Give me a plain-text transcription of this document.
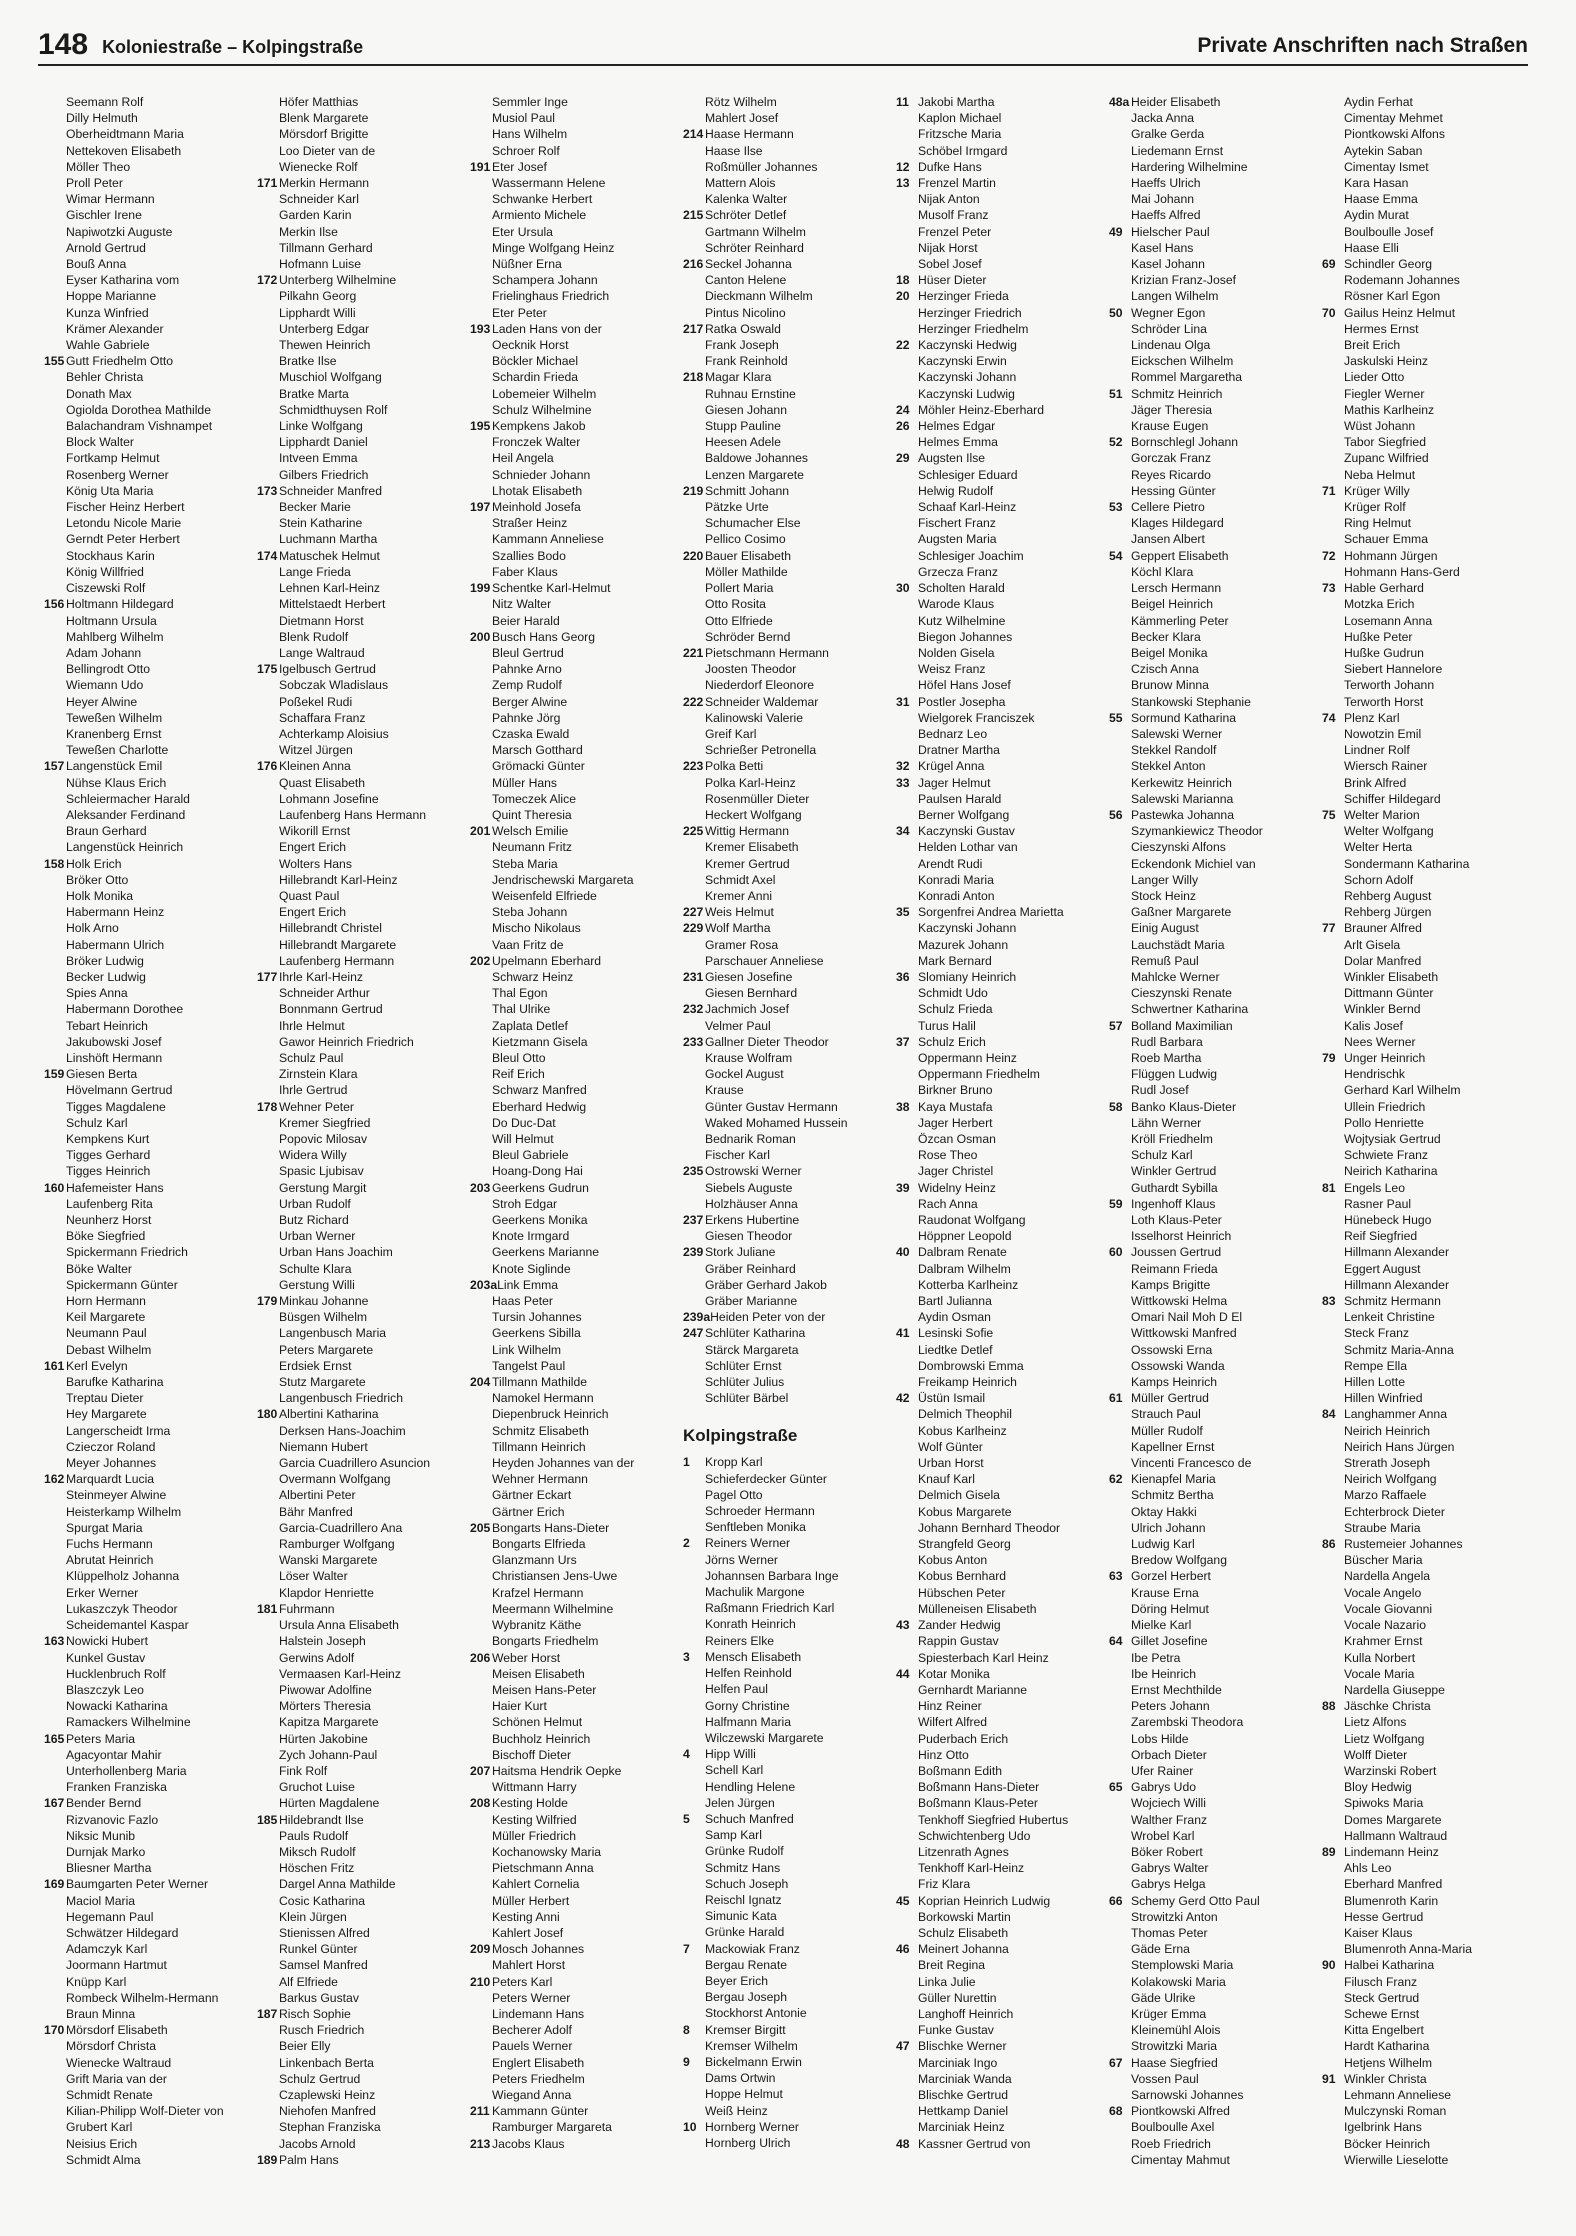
148 Koloniestraße – Kolpingstraße	Private Anschriften nach Straßen
Seemann Rolf
Dilly Helmuth
Oberheidtmann Maria
Nettekoven Elisabeth
Möller Theo
Proll Peter
Wimar Hermann
Gischler Irene
Napiwotzki Auguste
Arnold Gertrud
Bouß Anna
Eyser Katharina vom
Hoppe Marianne
Kunza Winfried
Krämer Alexander
Wahle Gabriele
155 Gutt Friedhelm Otto
Behler Christa
Donath Max
Ogiolda Dorothea Mathilde
Balachandram Vishnampet
Block Walter
Fortkamp Helmut
Rosenberg Werner
König Uta Maria
Fischer Heinz Herbert
Letondu Nicole Marie
Gerndt Peter Herbert
Stockhaus Karin
König Willfried
Ciszewski Rolf
156 Holtmann Hildegard
Holtmann Ursula
Mahlberg Wilhelm
Adam Johann
Bellingrodt Otto
Wiemann Udo
Heyer Alwine
Teweßen Wilhelm
Kranenberg Ernst
Teweßen Charlotte
157 Langenstück Emil
Nühse Klaus Erich
Schleiermacher Harald
Aleksander Ferdinand
Braun Gerhard
Langenstück Heinrich
158 Holk Erich
Bröker Otto
Holk Monika
Habermann Heinz
Holk Arno
Habermann Ulrich
Bröker Ludwig
Becker Ludwig
Spies Anna
Habermann Dorothee
Tebart Heinrich
Jakubowski Josef
Linshöft Hermann
159 Giesen Berta
Hövelmann Gertrud
Tigges Magdalene
Schulz Karl
Kempkens Kurt
Tigges Gerhard
Tigges Heinrich
160 Hafemeister Hans
Laufenberg Rita
Neunherz Horst
Böke Siegfried
Spickermann Friedrich
Böke Walter
Spickermann Günter
Horn Hermann
Keil Margarete
Neumann Paul
Debast Wilhelm
161 Kerl Evelyn
Barufke Katharina
Treptau Dieter
Hey Margarete
Langerscheidt Irma
Czieczor Roland
Meyer Johannes
162 Marquardt Lucia
Steinmeyer Alwine
Heisterkamp Wilhelm
Spurgat Maria
Fuchs Hermann
Abrutat Heinrich
Klüppelholz Johanna
Erker Werner
Lukaszczyk Theodor
Scheidemantel Kaspar
163 Nowicki Hubert
Kunkel Gustav
Hucklenbruch Rolf
Blaszczyk Leo
Nowacki Katharina
Ramackers Wilhelmine
165 Peters Maria
Agacyontar Mahir
Unterhollenberg Maria
Franken Franziska
167 Bender Bernd
Rizvanovic Fazlo
Niksic Munib
Durnjak Marko
Bliesner Martha
169 Baumgarten Peter Werner
Maciol Maria
Hegemann Paul
Schwätzer Hildegard
Adamczyk Karl
Joormann Hartmut
Knüpp Karl
Rombeck Wilhelm-Hermann
Braun Minna
170 Mörsdorf Elisabeth
Mörsdorf Christa
Wienecke Waltraud
Grift Maria van der
Schmidt Renate
Kilian-Philipp Wolf-Dieter von
Grubert Karl
Neisius Erich
Schmidt Alma
Höfer Matthias
Blenk Margarete
Mörsdorf Brigitte
Loo Dieter van de
Wienecke Rolf
171 Merkin Hermann
Schneider Karl
Garden Karin
Merkin Ilse
Tillmann Gerhard
Hofmann Luise
172 Unterberg Wilhelmine
Pilkahn Georg
Lipphardt Willi
Unterberg Edgar
Thewen Heinrich
Bratke Ilse
Muschiol Wolfgang
Bratke Marta
Schmidthuysen Rolf
Linke Wolfgang
Lipphardt Daniel
Intveen Emma
Gilbers Friedrich
173 Schneider Manfred
Becker Marie
Stein Katharine
Luchmann Martha
174 Matuschek Helmut
Lange Frieda
Lehnen Karl-Heinz
Mittelstaedt Herbert
Dietmann Horst
Blenk Rudolf
Lange Waltraud
175 Igelbusch Gertrud
Sobczak Wladislaus
Poßekel Rudi
Schaffara Franz
Achterkamp Aloisius
Witzel Jürgen
176 Kleinen Anna
Quast Elisabeth
Lohmann Josefine
Laufenberg Hans Hermann
Wikorill Ernst
Engert Erich
Wolters Hans
Hillebrandt Karl-Heinz
Quast Paul
Engert Erich
Hillebrandt Christel
Hillebrandt Margarete
Laufenberg Hermann
177 Ihrle Karl-Heinz
Schneider Arthur
Bonnmann Gertrud
Ihrle Helmut
Gawor Heinrich Friedrich
Schulz Paul
Zirnstein Klara
Ihrle Gertrud
178 Wehner Peter
Kremer Siegfried
Popovic Milosav
Widera Willy
Spasic Ljubisav
Gerstung Margit
Urban Rudolf
Butz Richard
Urban Werner
Urban Hans Joachim
Schulte Klara
Gerstung Willi
179 Minkau Johanne
Büsgen Wilhelm
Langenbusch Maria
Peters Margarete
Erdsiek Ernst
Stutz Margarete
Langenbusch Friedrich
180 Albertini Katharina
Derksen Hans-Joachim
Niemann Hubert
Garcia Cuadrillero Asuncion
Overmann Wolfgang
Albertini Peter
Bähr Manfred
Garcia-Cuadrillero Ana
Ramburger Wolfgang
Wanski Margarete
Löser Walter
Klapdor Henriette
181 Fuhrmann
Ursula Anna Elisabeth
Halstein Joseph
Gerwins Adolf
Vermaasen Karl-Heinz
Piwowar Adolfine
Mörters Theresia
Kapitza Margarete
Hürten Jakobine
Zych Johann-Paul
Fink Rolf
Gruchot Luise
Hürten Magdalene
185 Hildebrandt Ilse
Pauls Rudolf
Miksch Rudolf
Höschen Fritz
Dargel Anna Mathilde
Cosic Katharina
Klein Jürgen
Stienissen Alfred
Runkel Günter
Samsel Manfred
Alf Elfriede
Barkus Gustav
187 Risch Sophie
Rusch Friedrich
Beier Elly
Linkenbach Berta
Schulz Gertrud
Czaplewski Heinz
Niehofen Manfred
Stephan Franziska
Jacobs Arnold
189 Palm Hans
Semmler Inge
Musiol Paul
Hans Wilhelm
Schroer Rolf
191 Eter Josef
Wassermann Helene
Schwanke Herbert
Armiento Michele
Eter Ursula
Minge Wolfgang Heinz
Nüßner Erna
Schampera Johann
Frielinghaus Friedrich
Eter Peter
193 Laden Hans von der
Oecknik Horst
Böckler Michael
Schardin Frieda
Lobemeier Wilhelm
Schulz Wilhelmine
195 Kempkens Jakob
Fronczek Walter
Heil Angela
Schnieder Johann
Lhotak Elisabeth
197 Meinhold Josefa
Straßer Heinz
Kammann Anneliese
Szallies Bodo
Faber Klaus
199 Schentke Karl-Helmut
Nitz Walter
Beier Harald
200 Busch Hans Georg
Bleul Gertrud
Pahnke Arno
Zemp Rudolf
Berger Alwine
Pahnke Jörg
Czaska Ewald
Marsch Gotthard
Grömacki Günter
Müller Hans
Tomeczek Alice
Quint Theresia
201 Welsch Emilie
Neumann Fritz
Steba Maria
Jendrischewski Margareta
Weisenfeld Elfriede
Steba Johann
Mischo Nikolaus
Vaan Fritz de
202 Upelmann Eberhard
Schwarz Heinz
Thal Egon
Thal Ulrike
Zaplata Detlef
Kietzmann Gisela
Bleul Otto
Reif Erich
Schwarz Manfred
Eberhard Hedwig
Do Duc-Dat
Will Helmut
Bleul Gabriele
Hoang-Dong Hai
203 Geerkens Gudrun
Stroh Edgar
Geerkens Monika
Knote Irmgard
Geerkens Marianne
Knote Siglinde
203aLink Emma
Haas Peter
Tursin Johannes
Geerkens Sibilla
Link Wilhelm
Tangelst Paul
204 Tillmann Mathilde
Namokel Hermann
Diepenbruck Heinrich
Schmitz Elisabeth
Tillmann Heinrich
Heyden Johannes van der
Wehner Hermann
Gärtner Eckart
Gärtner Erich
205 Bongarts Hans-Dieter
Bongarts Elfrieda
Glanzmann Urs
Christiansen Jens-Uwe
Krafzel Hermann
Meermann Wilhelmine
Wybranitz Käthe
Bongarts Friedhelm
206 Weber Horst
Meisen Elisabeth
Meisen Hans-Peter
Haier Kurt
Schönen Helmut
Buchholz Heinrich
Bischoff Dieter
207 Haitsma Hendrik Oepke
Wittmann Harry
208 Kesting Holde
Kesting Wilfried
Müller Friedrich
Kochanowsky Maria
Pietschmann Anna
Kahlert Cornelia
Müller Herbert
Kesting Anni
Kahlert Josef
209 Mosch Johannes
Mahlert Horst
210 Peters Karl
Peters Werner
Lindemann Hans
Becherer Adolf
Pauels Werner
Englert Elisabeth
Peters Friedhelm
Wiegand Anna
211 Kammann Günter
Ramburger Margareta
213 Jacobs Klaus
Rötz Wilhelm
Mahlert Josef
214 Haase Hermann
Haase Ilse
Roßmüller Johannes
Mattern Alois
Kalenka Walter
215 Schröter Detlef
Gartmann Wilhelm
Schröter Reinhard
216 Seckel Johanna
Canton Helene
Dieckmann Wilhelm
Pintus Nicolino
217 Ratka Oswald
Frank Joseph
Frank Reinhold
218 Magar Klara
Ruhnau Ernstine
Giesen Johann
Stupp Pauline
Heesen Adele
Baldowe Johannes
Lenzen Margarete
219 Schmitt Johann
Pätzke Urte
Schumacher Else
Pellico Cosimo
220 Bauer Elisabeth
Möller Mathilde
Pollert Maria
Otto Rosita
Otto Elfriede
Schröder Bernd
221 Pietschmann Hermann
Joosten Theodor
Niederdorf Eleonore
222 Schneider Waldemar
Kalinowski Valerie
Greif Karl
Schrießer Petronella
223 Polka Betti
Polka Karl-Heinz
Rosenmüller Dieter
Heckert Wolfgang
225 Wittig Hermann
Kremer Elisabeth
Kremer Gertrud
Schmidt Axel
Kremer Anni
227 Weis Helmut
229 Wolf Martha
Gramer Rosa
Parschauer Anneliese
231 Giesen Josefine
Giesen Bernhard
232 Jachmich Josef
Velmer Paul
233 Gallner Dieter Theodor
Krause Wolfram
Gockel August
Krause
Günter Gustav Hermann
Waked Mohamed Hussein
Bednarik Roman
Fischer Karl
235 Ostrowski Werner
Siebels Auguste
Holzhäuser Anna
237 Erkens Hubertine
Giesen Theodor
239 Stork Juliane
Gräber Reinhard
Gräber Gerhard Jakob
Gräber Marianne
239aHeiden Peter von der
247 Schlüter Katharina
Stärck Margareta
Schlüter Ernst
Schlüter Julius
Schlüter Bärbel
Kolpingstraße
1 Kropp Karl
Schieferdecker Günter
Pagel Otto
Schroeder Hermann
Senftleben Monika
2 Reiners Werner
Jörns Werner
Johannsen Barbara Inge
Machulik Margone
Raßmann Friedrich Karl
Konrath Heinrich
Reiners Elke
3 Mensch Elisabeth
Helfen Reinhold
Helfen Paul
Gorny Christine
Halfmann Maria
Wilczewski Margarete
4 Hipp Willi
Schell Karl
Hendling Helene
Jelen Jürgen
5 Schuch Manfred
Samp Karl
Grünke Rudolf
Schmitz Hans
Schuch Joseph
Reischl Ignatz
Simunic Kata
Grünke Harald
7 Mackowiak Franz
Bergau Renate
Beyer Erich
Bergau Joseph
Stockhorst Antonie
8 Kremser Birgitt
Kremser Wilhelm
9 Bickelmann Erwin
Dams Ortwin
Hoppe Helmut
Weiß Heinz
10 Hornberg Werner
Hornberg Ulrich
11 Jakobi Martha
Kaplon Michael
Fritzsche Maria
Schöbel Irmgard
12 Dufke Hans
13 Frenzel Martin
Nijak Anton
Musolf Franz
Frenzel Peter
Nijak Horst
Sobel Josef
18 Hüser Dieter
20 Herzinger Frieda
Herzinger Friedrich
Herzinger Friedhelm
22 Kaczynski Hedwig
Kaczynski Erwin
Kaczynski Johann
Kaczynski Ludwig
24 Möhler Heinz-Eberhard
26 Helmes Edgar
Helmes Emma
29 Augsten Ilse
Schlesiger Eduard
Helwig Rudolf
Schaaf Karl-Heinz
Fischert Franz
Augsten Maria
Schlesiger Joachim
Grzecza Franz
30 Scholten Harald
Warode Klaus
Kutz Wilhelmine
Biegon Johannes
Nolden Gisela
Weisz Franz
Höfel Hans Josef
31 Postler Josepha
Wielgorek Franciszek
Bednarz Leo
Dratner Martha
32 Krügel Anna
33 Jager Helmut
Paulsen Harald
Berner Wolfgang
34 Kaczynski Gustav
Helden Lothar van
Arendt Rudi
Konradi Maria
Konradi Anton
35 Sorgenfrei Andrea Marietta
Kaczynski Johann
Mazurek Johann
Mark Bernard
36 Slomiany Heinrich
Schmidt Udo
Schulz Frieda
Turus Halil
37 Schulz Erich
Oppermann Heinz
Oppermann Friedhelm
Birkner Bruno
38 Kaya Mustafa
Jager Herbert
Özcan Osman
Rose Theo
Jager Christel
39 Widelny Heinz
Rach Anna
Raudonat Wolfgang
Höppner Leopold
40 Dalbram Renate
Dalbram Wilhelm
Kotterba Karlheinz
Bartl Julianna
Aydin Osman
41 Lesinski Sofie
Liedtke Detlef
Dombrowski Emma
Freikamp Heinrich
42 Üstün Ismail
Delmich Theophil
Kobus Karlheinz
Wolf Günter
Urban Horst
Knauf Karl
Delmich Gisela
Kobus Margarete
Johann Bernhard Theodor
Strangfeld Georg
Kobus Anton
Kobus Bernhard
Hübschen Peter
Mülleneisen Elisabeth
43 Zander Hedwig
Rappin Gustav
Spiesterbach Karl Heinz
44 Kotar Monika
Gernhardt Marianne
Hinz Reiner
Wilfert Alfred
Puderbach Erich
Hinz Otto
Boßmann Edith
Boßmann Hans-Dieter
Boßmann Klaus-Peter
Tenkhoff Siegfried Hubertus
Schwichtenberg Udo
Litzenrath Agnes
Tenkhoff Karl-Heinz
Friz Klara
45 Koprian Heinrich Ludwig
Borkowski Martin
Schulz Elisabeth
46 Meinert Johanna
Breit Regina
Linka Julie
Güller Nurettin
Langhoff Heinrich
Funke Gustav
47 Blischke Werner
Marciniak Ingo
Marciniak Wanda
Blischke Gertrud
Hettkamp Daniel
Marciniak Heinz
48 Kassner Gertrud von
48a Heider Elisabeth
Jacka Anna
Gralke Gerda
Liedemann Ernst
Hardering Wilhelmine
Haeffs Ulrich
Mai Johann
Haeffs Alfred
49 Hielscher Paul
Kasel Hans
Kasel Johann
Krizian Franz-Josef
Langen Wilhelm
50 Wegner Egon
Schröder Lina
Lindenau Olga
Eickschen Wilhelm
Rommel Margaretha
51 Schmitz Heinrich
Jäger Theresia
Krause Eugen
52 Bornschlegl Johann
Gorczak Franz
Reyes Ricardo
Hessing Günter
53 Cellere Pietro
Klages Hildegard
Jansen Albert
54 Geppert Elisabeth
Köchl Klara
Lersch Hermann
Beigel Heinrich
Kämmerling Peter
Becker Klara
Beigel Monika
Czisch Anna
Brunow Minna
Stankowski Stephanie
55 Sormund Katharina
Salewski Werner
Stekkel Randolf
Stekkel Anton
Kerkewitz Heinrich
Salewski Marianna
56 Pastewka Johanna
Szymankiewicz Theodor
Cieszynski Alfons
Eckendonk Michiel van
Langer Willy
Stock Heinz
Gaßner Margarete
Einig August
Lauchstädt Maria
Remuß Paul
Mahlcke Werner
Cieszynski Renate
Schwertner Katharina
57 Bolland Maximilian
Rudl Barbara
Roeb Martha
Flüggen Ludwig
Rudl Josef
58 Banko Klaus-Dieter
Lähn Werner
Kröll Friedhelm
Schulz Karl
Winkler Gertrud
Guthardt Sybilla
59 Ingenhoff Klaus
Loth Klaus-Peter
Isselhorst Heinrich
60 Joussen Gertrud
Reimann Frieda
Kamps Brigitte
Wittkowski Helma
Omari Nail Moh D El
Wittkowski Manfred
Ossowski Erna
Ossowski Wanda
Kamps Heinrich
61 Müller Gertrud
Strauch Paul
Müller Rudolf
Kapellner Ernst
Vincenti Francesco de
62 Kienapfel Maria
Schmitz Bertha
Oktay Hakki
Ulrich Johann
Ludwig Karl
Bredow Wolfgang
63 Gorzel Herbert
Krause Erna
Döring Helmut
Mielke Karl
64 Gillet Josefine
Ibe Petra
Ibe Heinrich
Ernst Mechthilde
Peters Johann
Zarembski Theodora
Lobs Hilde
Orbach Dieter
Ufer Rainer
65 Gabrys Udo
Wojciech Willi
Walther Franz
Wrobel Karl
Böker Robert
Gabrys Walter
Gabrys Helga
66 Schemy Gerd Otto Paul
Strowitzki Anton
Thomas Peter
Gäde Erna
Stemplowski Maria
Kolakowski Maria
Gäde Ulrike
Krüger Emma
Kleinemühl Alois
Strowitzki Maria
67 Haase Siegfried
Vossen Paul
Sarnowski Johannes
68 Piontkowski Alfred
Boulboulle Axel
Roeb Friedrich
Cimentay Mahmut
Aydin Ferhat
Cimentay Mehmet
Piontkowski Alfons
Aytekin Saban
Cimentay Ismet
Kara Hasan
Haase Emma
Aydin Murat
Boulboulle Josef
Haase Elli
69 Schindler Georg
Rodemann Johannes
Rösner Karl Egon
70 Gailus Heinz Helmut
Hermes Ernst
Breit Erich
Jaskulski Heinz
Lieder Otto
Fiegler Werner
Mathis Karlheinz
Wüst Johann
Tabor Siegfried
Zupanc Wilfried
Neba Helmut
71 Krüger Willy
Krüger Rolf
Ring Helmut
Schauer Emma
72 Hohmann Jürgen
Hohmann Hans-Gerd
73 Hable Gerhard
Motzka Erich
Losemann Anna
Hußke Peter
Hußke Gudrun
Siebert Hannelore
Terworth Johann
Terworth Horst
74 Plenz Karl
Nowotzin Emil
Lindner Rolf
Wiersch Rainer
Brink Alfred
Schiffer Hildegard
75 Welter Marion
Welter Wolfgang
Welter Herta
Sondermann Katharina
Schorn Adolf
Rehberg August
Rehberg Jürgen
77 Brauner Alfred
Arlt Gisela
Dolar Manfred
Winkler Elisabeth
Dittmann Günter
Winkler Bernd
Kalis Josef
Nees Werner
79 Unger Heinrich
Hendrischk
Gerhard Karl Wilhelm
Ullein Friedrich
Pollo Henriette
Wojtysiak Gertrud
Schwiete Franz
Neirich Katharina
81 Engels Leo
Rasner Paul
Hünebeck Hugo
Reif Siegfried
Hillmann Alexander
Eggert August
Hillmann Alexander
83 Schmitz Hermann
Lenkeit Christine
Steck Franz
Schmitz Maria-Anna
Rempe Ella
Hillen Lotte
Hillen Winfried
84 Langhammer Anna
Neirich Heinrich
Neirich Hans Jürgen
Strerath Joseph
Neirich Wolfgang
Marzo Raffaele
Echterbrock Dieter
Straube Maria
86 Rustemeier Johannes
Büscher Maria
Nardella Angela
Vocale Angelo
Vocale Giovanni
Vocale Nazario
Krahmer Ernst
Kulla Norbert
Vocale Maria
Nardella Giuseppe
88 Jäschke Christa
Lietz Alfons
Lietz Wolfgang
Wolff Dieter
Warzinski Robert
Bloy Hedwig
Spiwoks Maria
Domes Margarete
Hallmann Waltraud
89 Lindemann Heinz
Ahls Leo
Eberhard Manfred
Blumenroth Karin
Hesse Gertrud
Kaiser Klaus
Blumenroth Anna-Maria
90 Halbei Katharina
Filusch Franz
Steck Gertrud
Schewe Ernst
Kitta Engelbert
Hardt Katharina
Hetjens Wilhelm
91 Winkler Christa
Lehmann Anneliese
Mulczynski Roman
Igelbrink Hans
Böcker Heinrich
Wierwille Lieselotte
